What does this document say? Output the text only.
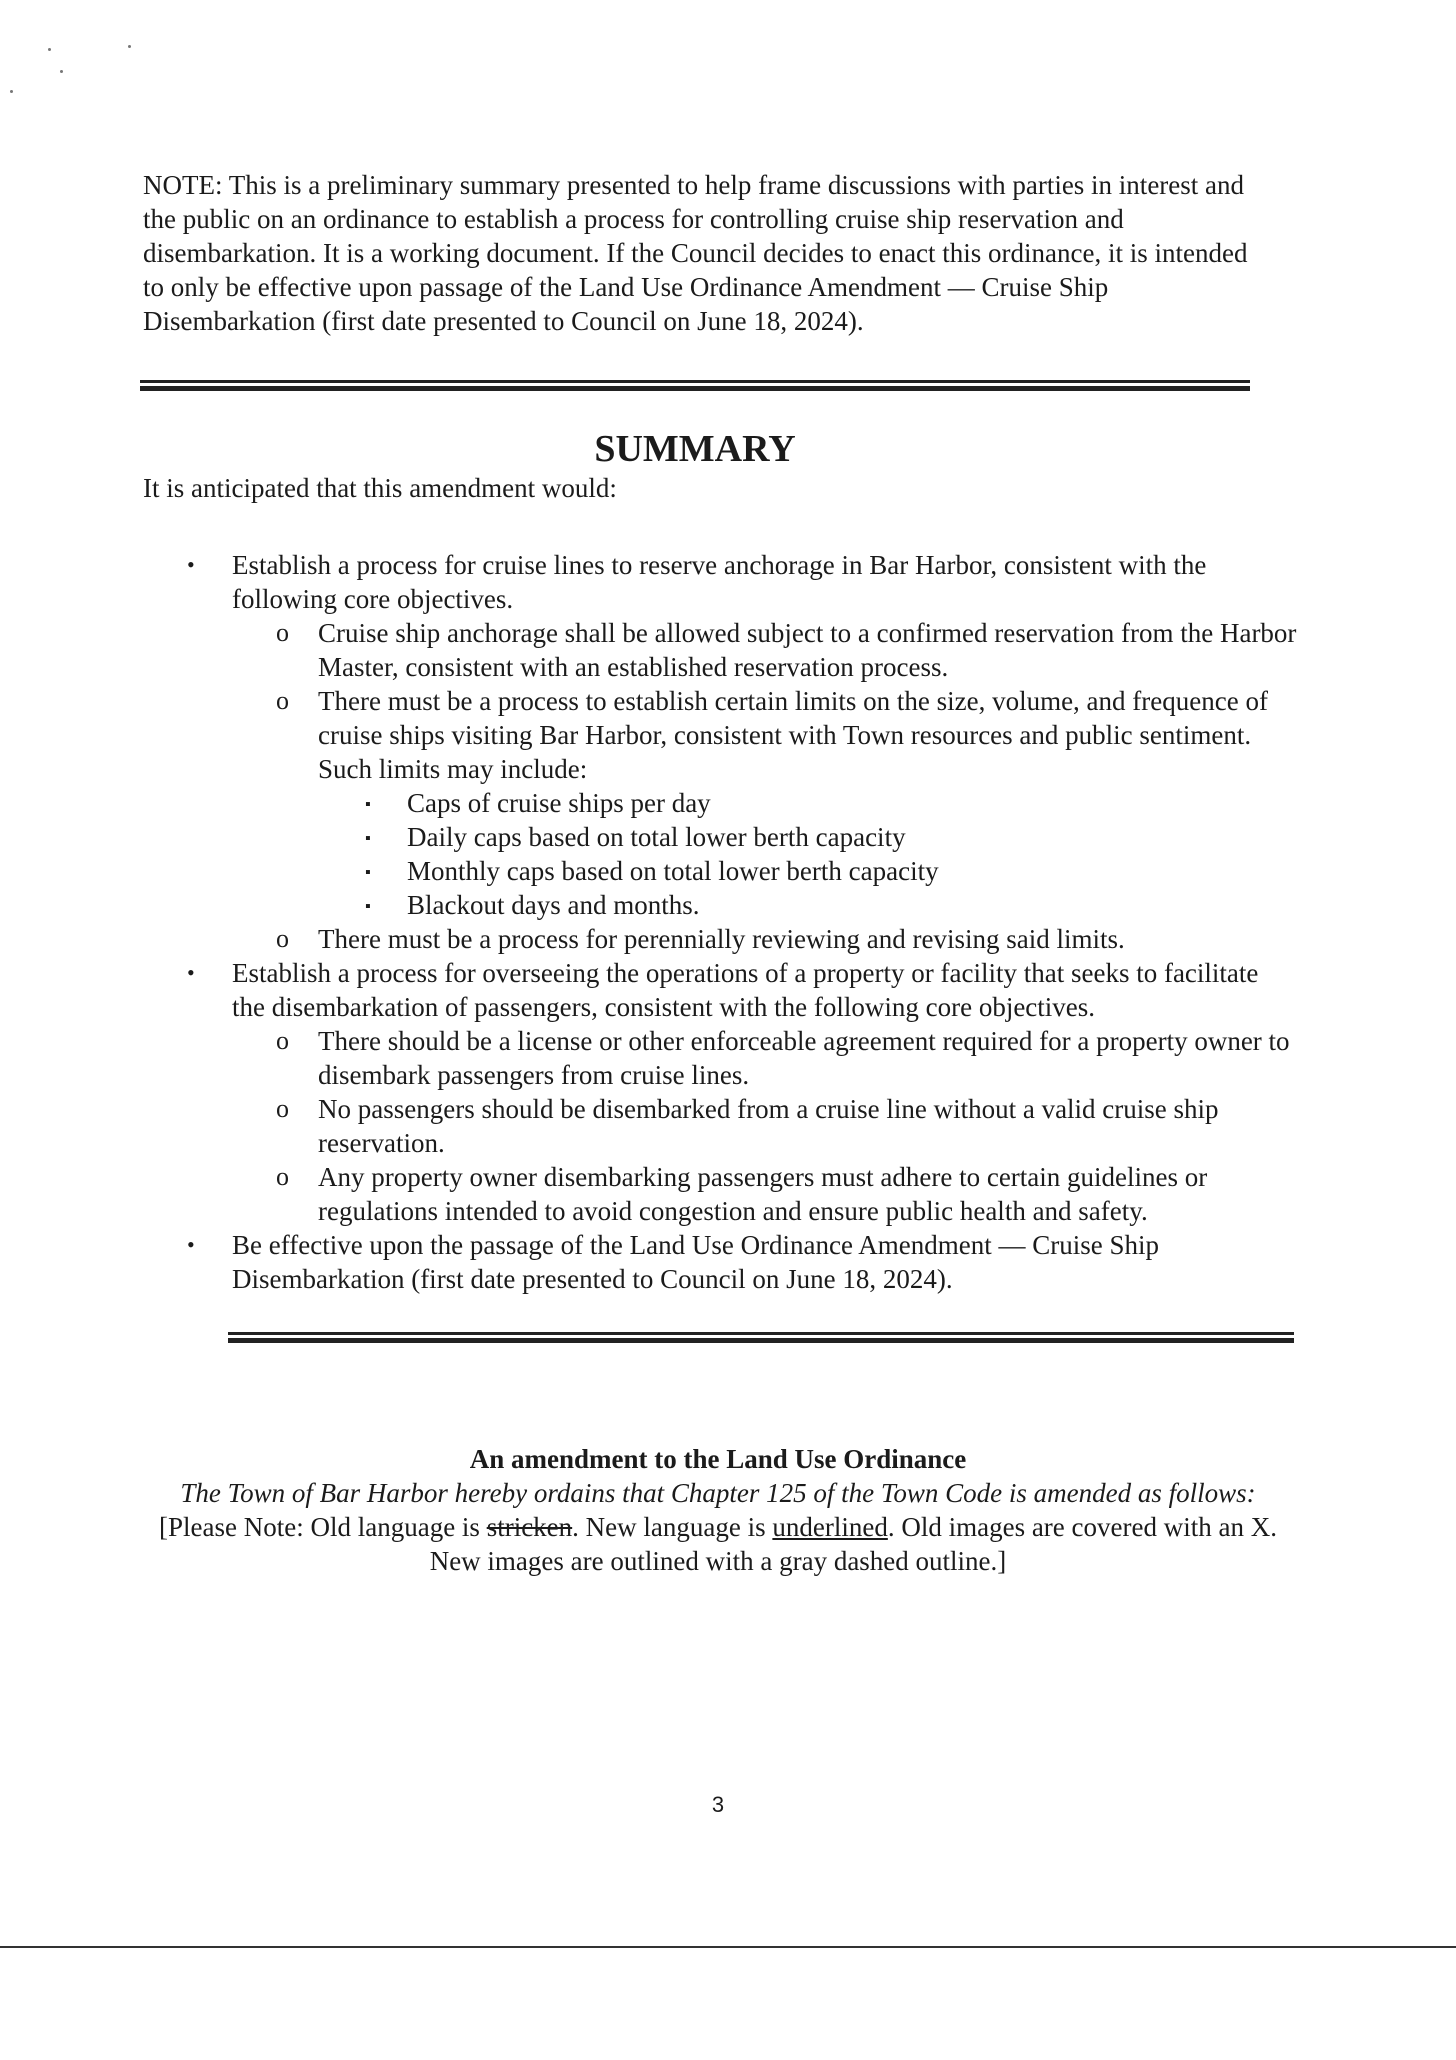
NOTE: This is a preliminary summary presented to help frame discussions with parties in interest and the public on an ordinance to establish a process for controlling cruise ship reservation and disembarkation. It is a working document. If the Council decides to enact this ordinance, it is intended to only be effective upon passage of the Land Use Ordinance Amendment — Cruise Ship Disembarkation (first date presented to Council on June 18, 2024).

SUMMARY

It is anticipated that this amendment would:

• Establish a process for cruise lines to reserve anchorage in Bar Harbor, consistent with the following core objectives.
o Cruise ship anchorage shall be allowed subject to a confirmed reservation from the Harbor Master, consistent with an established reservation process.
o There must be a process to establish certain limits on the size, volume, and frequence of cruise ships visiting Bar Harbor, consistent with Town resources and public sentiment. Such limits may include:
▪ Caps of cruise ships per day
▪ Daily caps based on total lower berth capacity
▪ Monthly caps based on total lower berth capacity
▪ Blackout days and months.
o There must be a process for perennially reviewing and revising said limits.
• Establish a process for overseeing the operations of a property or facility that seeks to facilitate the disembarkation of passengers, consistent with the following core objectives.
o There should be a license or other enforceable agreement required for a property owner to disembark passengers from cruise lines.
o No passengers should be disembarked from a cruise line without a valid cruise ship reservation.
o Any property owner disembarking passengers must adhere to certain guidelines or regulations intended to avoid congestion and ensure public health and safety.
• Be effective upon the passage of the Land Use Ordinance Amendment — Cruise Ship Disembarkation (first date presented to Council on June 18, 2024).
An amendment to the Land Use Ordinance
The Town of Bar Harbor hereby ordains that Chapter 125 of the Town Code is amended as follows:
[Please Note: Old language is stricken. New language is underlined. Old images are covered with an X. New images are outlined with a gray dashed outline.]

3
